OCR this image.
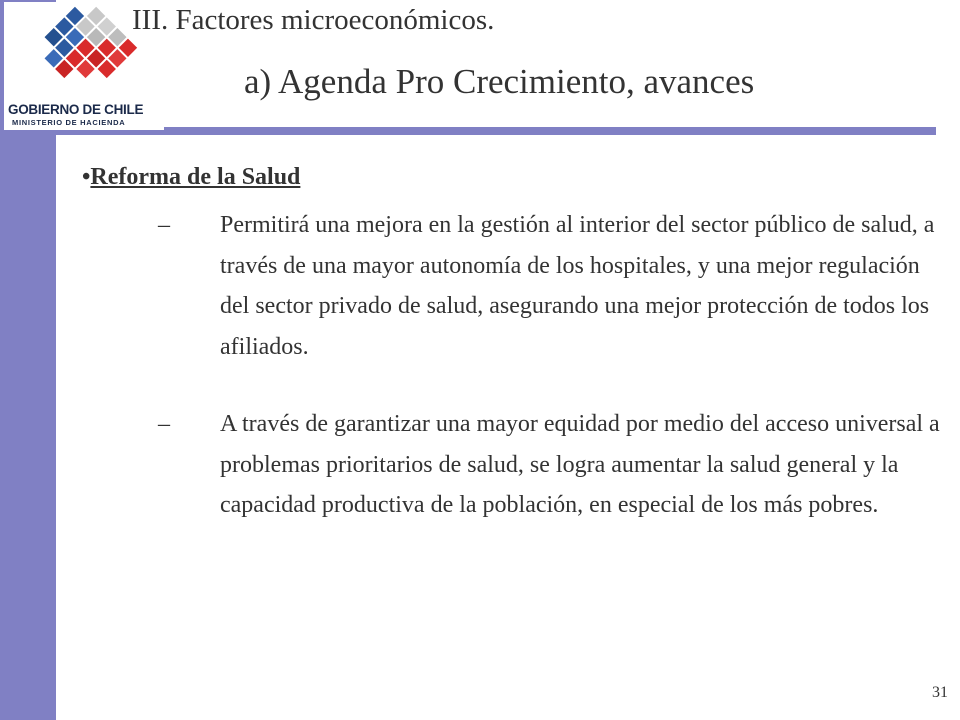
GOBIERNO DE CHILE
MINISTERIO DE HACIENDA
III. Factores microeconómicos.
a) Agenda Pro Crecimiento, avances
•Reforma de la Salud
– Permitirá una mejora en la gestión al interior del sector público de salud, a través de una mayor autonomía de los hospitales, y una mejor regulación del sector privado de salud, asegurando una mejor protección de todos los afiliados.
– A través de garantizar una mayor equidad por medio del acceso universal a problemas prioritarios de salud, se logra aumentar la salud general y la capacidad productiva de la población, en especial de los más pobres.
31
